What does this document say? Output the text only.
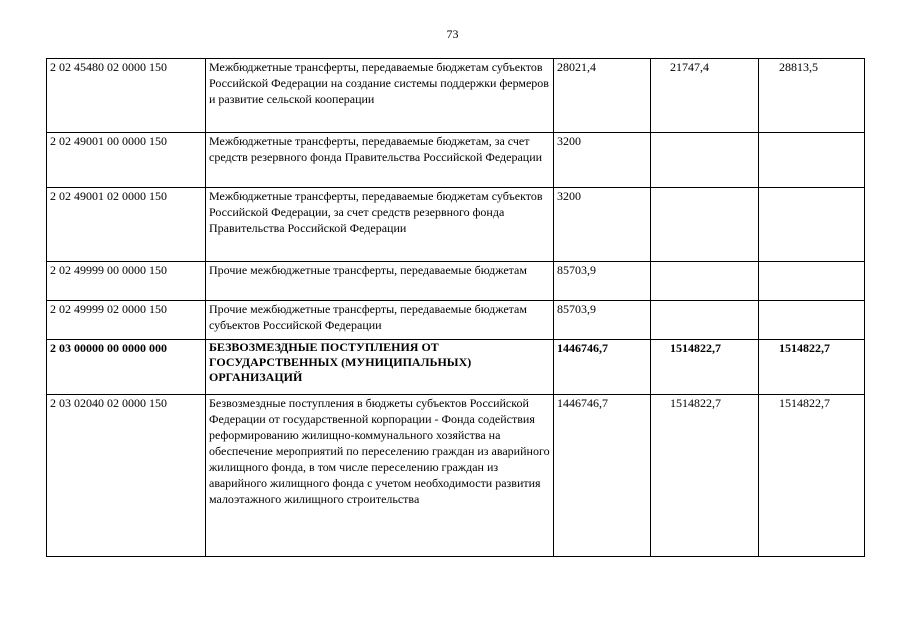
73
2 02 45480 02 0000 150	Межбюджетные трансферты, передаваемые бюджетам субъектов Российской Федерации на создание системы поддержки фермеров и развитие сельской кооперации	28021,4	21747,4	28813,5
2 02 49001 00 0000 150	Межбюджетные трансферты, передаваемые бюджетам, за счет средств резервного фонда Правительства Российской Федерации	3200		
2 02 49001 02 0000 150	Межбюджетные трансферты, передаваемые бюджетам субъектов Российской Федерации, за счет средств резервного фонда Правительства Российской Федерации	3200		
2 02 49999 00 0000 150	Прочие межбюджетные трансферты, передаваемые бюджетам	85703,9		
2 02 49999 02 0000 150	Прочие межбюджетные трансферты, передаваемые бюджетам субъектов Российской Федерации	85703,9		
2 03 00000 00 0000 000	БЕЗВОЗМЕЗДНЫЕ ПОСТУПЛЕНИЯ ОТ ГОСУДАРСТВЕННЫХ (МУНИЦИПАЛЬНЫХ) ОРГАНИЗАЦИЙ	1446746,7	1514822,7	1514822,7
2 03 02040 02 0000 150	Безвозмездные поступления в бюджеты субъектов Российской Федерации от государственной корпорации - Фонда содействия реформированию жилищно-коммунального хозяйства на обеспечение мероприятий по переселению граждан из аварийного жилищного фонда, в том числе переселению граждан из аварийного жилищного фонда с учетом необходимости развития малоэтажного жилищного строительства	1446746,7	1514822,7	1514822,7
